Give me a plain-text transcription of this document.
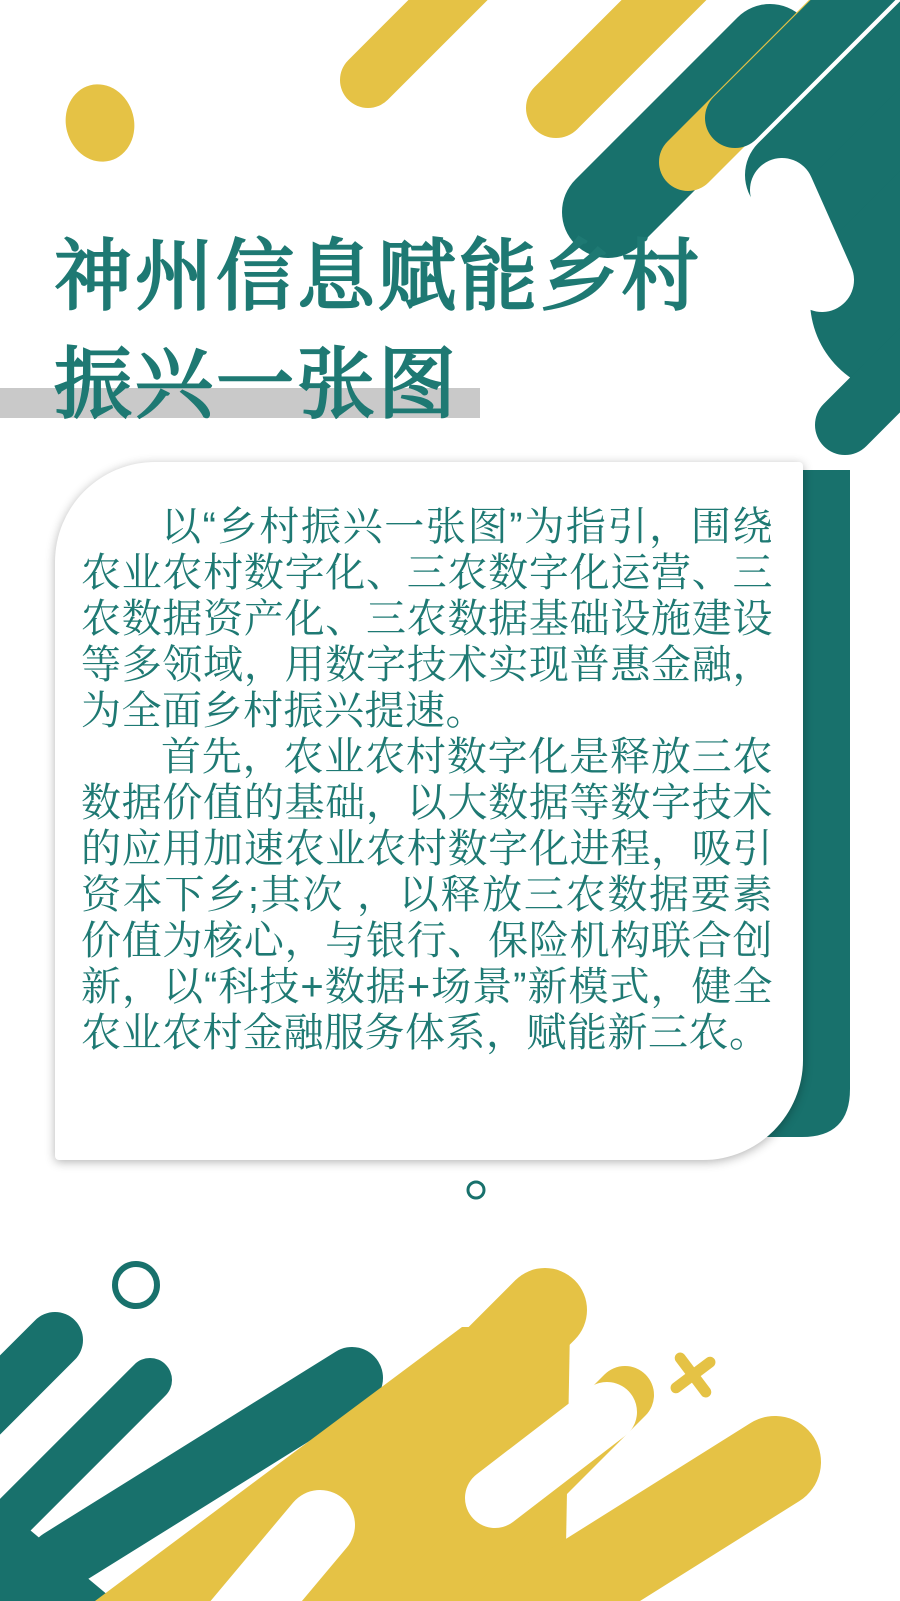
神州信息赋能乡村
振兴一张图

以“乡村振兴一张图”为指引，围绕农业农村数字化、三农数字化运营、三农数据资产化、三农数据基础设施建设等多领域，用数字技术实现普惠金融，为全面乡村振兴提速。

首先，农业农村数字化是释放三农数据价值的基础，以大数据等数字技术的应用加速农业农村数字化进程，吸引资本下乡;其次 ，以释放三农数据要素价值为核心，与银行、保险机构联合创新，以“科技+数据+场景”新模式，健全农业农村金融服务体系，赋能新三农。
